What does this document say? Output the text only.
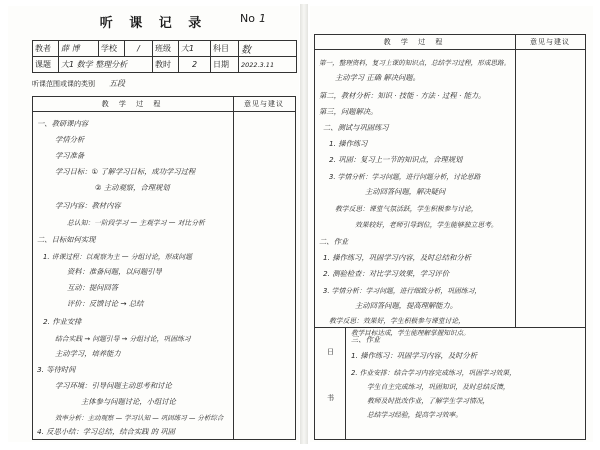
听 课 记 录	No 1
教者	薛 博	学校	/	班级	大1	科目	数
课题	大1 数学 整理分析			教时	2	日期	2022.3.11
听课范围或课的类别 五段
教 学 过 程	意见与建议
一、教研课内容
学情分析
学习准备
学习目标：① 了解学习目标，成功学习过程
② 主动观察，合理规划
学习内容：教材内容
总认知：一阶段学习 — 主观学习 — 对比分析
二、目标如何实现
1. 讲课过程：以观察为主 — 分组讨论，形成问题
资料：准备问题，以问题引导
互动：提问回答
评价：反馈讨论 → 总结
2. 作业安排
结合实践 → 问题引导 → 分组讨论，巩固练习
主动学习，培养能力
3. 等待时间
学习环境：引导问题主动思考和讨论
主体参与问题讨论，小组讨论
效率分析：主动观察 — 学习认知 — 巩固练习 — 分析综合
4. 反思小结：学习总结，结合实践 的 巩固
教 学 过 程	意见与建议
第一，整理资料，复习上课的知识点，总结学习过程，形成思路。
主动学习 正确 解决问题。
第二，教材分析：知识 · 技能 · 方法 · 过程 · 能力。
第三，问题解决。
二、测试与巩固练习
1. 操作练习
2. 巩固：复习上一节的知识点，合理规划
3. 学情分析：学习问题，进行问题分析，讨论思路
主动回答问题，解决疑问
教学反思：课堂气氛活跃，学生积极参与讨论，
效果较好，老师引导到位，学生能够独立思考。
二、作业
1. 操作练习，巩固学习内容，及时总结和分析
2. 测验检查：对比学习效果，学习评价
3. 学情分析：学习问题，进行细致分析，巩固练习，
主动回答问题，提高理解能力。
教学反思：效果好，学生积极参与课堂讨论，
教学目标达成，学生能理解掌握知识点。
日
书
三、作业
1. 操作练习：巩固学习内容，及时分析
2. 作业安排：结合学习内容完成练习，巩固学习效果，
学生自主完成练习，巩固知识，及时总结反馈，
教师及时批改作业，了解学生学习情况，
总结学习经验，提高学习效率。
